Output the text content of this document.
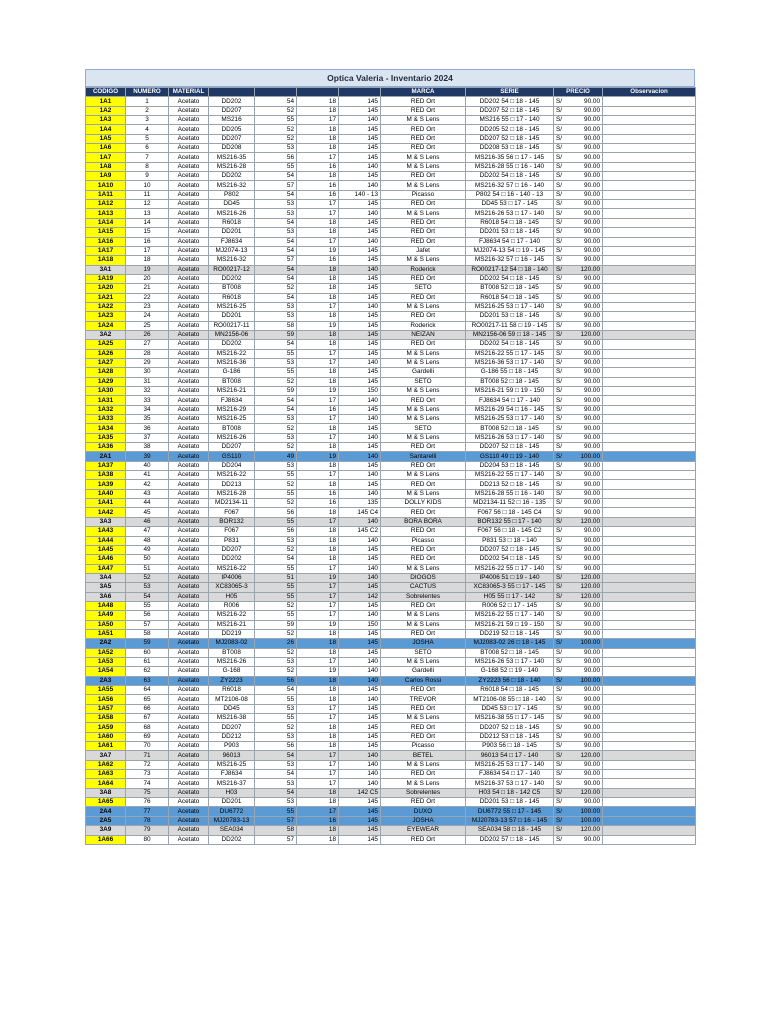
Optica Valeria - Inventario 2024
CODIGO	NUMERO	MATERIAL					MARCA	SERIE	PRECIO		Observacion
1A1	1	Acetato	DD202	54	18	145	RED Ort	DD202 54 □ 18 - 145	S/	90.00	
1A2	2	Acetato	DD207	52	18	145	RED Ort	DD207 52 □ 18 - 145	S/	90.00	
1A3	3	Acetato	MS216	55	17	140	M & S Lens	MS216 55 □ 17 - 140	S/	90.00	
1A4	4	Acetato	DD205	52	18	145	RED Ort	DD205 52 □ 18 - 145	S/	90.00	
1A5	5	Acetato	DD207	52	18	145	RED Ort	DD207 52 □ 18 - 145	S/	90.00	
1A6	6	Acetato	DD208	53	18	145	RED Ort	DD208 53 □ 18 - 145	S/	90.00	
1A7	7	Acetato	MS216-35	56	17	145	M & S Lens	MS216-35 56 □ 17 - 145	S/	90.00	
1A8	8	Acetato	MS216-28	55	16	140	M & S Lens	MS216-28 55 □ 16 - 140	S/	90.00	
1A9	9	Acetato	DD202	54	18	145	RED Ort	DD202 54 □ 18 - 145	S/	90.00	
1A10	10	Acetato	MS216-32	57	16	140	M & S Lens	MS216-32 57 □ 16 - 140	S/	90.00	
1A11	11	Acetato	P802	54	16	140 - 13	Picasso	P802 54 □ 16 - 140 - 13	S/	90.00	
1A12	12	Acetato	DD45	53	17	145	RED Ort	DD45 53 □ 17 - 145	S/	90.00	
1A13	13	Acetato	MS216-26	53	17	140	M & S Lens	MS216-26 53 □ 17 - 140	S/	90.00	
1A14	14	Acetato	R6018	54	18	145	RED Ort	R6018 54 □ 18 - 145	S/	90.00	
1A15	15	Acetato	DD201	53	18	145	RED Ort	DD201 53 □ 18 - 145	S/	90.00	
1A16	16	Acetato	FJ8634	54	17	140	RED Ort	FJ8634 54 □ 17 - 140	S/	90.00	
1A17	17	Acetato	MJ2074-13	54	19	145	Jafet	MJ2074-13 54 □ 19 - 145	S/	90.00	
1A18	18	Acetato	MS216-32	57	16	145	M & S Lens	MS216-32 57 □ 16 - 145	S/	90.00	
3A1	19	Acetato	RO00217-12	54	18	140	Roderick	RO00217-12 54 □ 18 - 140	S/	120.00	
1A19	20	Acetato	DD202	54	18	145	RED Ort	DD202 54 □ 18 - 145	S/	90.00	
1A20	21	Acetato	BT008	52	18	145	SETO	BT008 52 □ 18 - 145	S/	90.00	
1A21	22	Acetato	R6018	54	18	145	RED Ort	R6018 54 □ 18 - 145	S/	90.00	
1A22	23	Acetato	MS216-25	53	17	140	M & S Lens	MS216-25 53 □ 17 - 140	S/	90.00	
1A23	24	Acetato	DD201	53	18	145	RED Ort	DD201 53 □ 18 - 145	S/	90.00	
1A24	25	Acetato	RO00217-11	58	19	145	Roderick	RO00217-11 58 □ 19 - 145	S/	90.00	
3A2	26	Acetato	MN2156-06	59	18	145	NEIZAN	MN2156-06 59 □ 18 - 145	S/	120.00	
1A25	27	Acetato	DD202	54	18	145	RED Ort	DD202 54 □ 18 - 145	S/	90.00	
1A26	28	Acetato	MS216-22	55	17	145	M & S Lens	MS216-22 55 □ 17 - 145	S/	90.00	
1A27	29	Acetato	MS216-36	53	17	140	M & S Lens	MS216-36 53 □ 17 - 140	S/	90.00	
1A28	30	Acetato	G-186	55	18	145	Gardelli	G-186 55 □ 18 - 145	S/	90.00	
1A29	31	Acetato	BT008	52	18	145	SETO	BT008 52 □ 18 - 145	S/	90.00	
1A30	32	Acetato	MS216-21	59	19	150	M & S Lens	MS216-21 59 □ 19 - 150	S/	90.00	
1A31	33	Acetato	FJ8634	54	17	140	RED Ort	FJ8634 54 □ 17 - 140	S/	90.00	
1A32	34	Acetato	MS216-29	54	16	145	M & S Lens	MS216-29 54 □ 16 - 145	S/	90.00	
1A33	35	Acetato	MS216-25	53	17	140	M & S Lens	MS216-25 53 □ 17 - 140	S/	90.00	
1A34	36	Acetato	BT008	52	18	145	SETO	BT008 52 □ 18 - 145	S/	90.00	
1A35	37	Acetato	MS216-26	53	17	140	M & S Lens	MS216-26 53 □ 17 - 140	S/	90.00	
1A36	38	Acetato	DD207	52	18	145	RED Ort	DD207 52 □ 18 - 145	S/	90.00	
2A1	39	Acetato	GS110	49	19	140	Santarelli	GS110 49 □ 19 - 140	S/	100.00	
1A37	40	Acetato	DD204	53	18	145	RED Ort	DD204 53 □ 18 - 145	S/	90.00	
1A38	41	Acetato	MS216-22	55	17	140	M & S Lens	MS216-22 55 □ 17 - 140	S/	90.00	
1A39	42	Acetato	DD213	52	18	145	RED Ort	DD213 52 □ 18 - 145	S/	90.00	
1A40	43	Acetato	MS216-28	55	16	140	M & S Lens	MS216-28 55 □ 16 - 140	S/	90.00	
1A41	44	Acetato	MD2134-11	52	16	135	DOLLY KIDS	MD2134-11 52 □ 16 - 135	S/	90.00	
1A42	45	Acetato	F067	56	18	145 C4	RED Ort	F067 56 □ 18 - 145 C4	S/	90.00	
3A3	46	Acetato	BOR132	55	17	140	BORA BORA	BOR132 55 □ 17 - 140	S/	120.00	
1A43	47	Acetato	F067	56	18	145 C2	RED Ort	F067 56 □ 18 - 145 C2	S/	90.00	
1A44	48	Acetato	P831	53	18	140	Picasso	P831 53 □ 18 - 140	S/	90.00	
1A45	49	Acetato	DD207	52	18	145	RED Ort	DD207 52 □ 18 - 145	S/	90.00	
1A46	50	Acetato	DD202	54	18	145	RED Ort	DD202 54 □ 18 - 145	S/	90.00	
1A47	51	Acetato	MS216-22	55	17	140	M & S Lens	MS216-22 55 □ 17 - 140	S/	90.00	
3A4	52	Acetato	IP4006	51	19	140	DIOGOS	IP4006 51 □ 19 - 140	S/	120.00	
3A5	53	Acetato	XC83065-3	55	17	145	CACTUS	XC83065-3 55 □ 17 - 145	S/	120.00	
3A6	54	Acetato	H05	55	17	142	Sobrelentes	H05 55 □ 17 - 142	S/	120.00	
1A48	55	Acetato	R006	52	17	145	RED Ort	R006 52 □ 17 - 145	S/	90.00	
1A49	56	Acetato	MS216-22	55	17	140	M & S Lens	MS216-22 55 □ 17 - 140	S/	90.00	
1A50	57	Acetato	MS216-21	59	19	150	M & S Lens	MS216-21 59 □ 19 - 150	S/	90.00	
1A51	58	Acetato	DD219	52	18	145	RED Ort	DD219 52 □ 18 - 145	S/	90.00	
2A2	59	Acetato	MJ2083-02	26	18	145	JOSHA	MJ2083-02 26 □ 18 - 145	S/	100.00	
1A52	60	Acetato	BT008	52	18	145	SETO	BT008 52 □ 18 - 145	S/	90.00	
1A53	61	Acetato	MS216-26	53	17	140	M & S Lens	MS216-26 53 □ 17 - 140	S/	90.00	
1A54	62	Acetato	G-168	52	19	140	Gardelli	G-168 52 □ 19 - 140	S/	90.00	
2A3	63	Acetato	ZY2223	56	18	140	Carlos Rossi	ZY2223 56 □ 18 - 140	S/	100.00	
1A55	64	Acetato	R6018	54	18	145	RED Ort	R6018 54 □ 18 - 145	S/	90.00	
1A56	65	Acetato	MT2106-08	55	18	140	TREVOR	MT2106-08 55 □ 18 - 140	S/	90.00	
1A57	66	Acetato	DD45	53	17	145	RED Ort	DD45 53 □ 17 - 145	S/	90.00	
1A58	67	Acetato	MS216-38	55	17	145	M & S Lens	MS216-38 55 □ 17 - 145	S/	90.00	
1A59	68	Acetato	DD207	52	18	145	RED Ort	DD207 52 □ 18 - 145	S/	90.00	
1A60	69	Acetato	DD212	53	18	145	RED Ort	DD212 53 □ 18 - 145	S/	90.00	
1A61	70	Acetato	P903	56	18	145	Picasso	P903 56 □ 18 - 145	S/	90.00	
3A7	71	Acetato	96013	54	17	140	BETEL	96013 54 □ 17 - 140	S/	120.00	
1A62	72	Acetato	MS216-25	53	17	140	M & S Lens	MS216-25 53 □ 17 - 140	S/	90.00	
1A63	73	Acetato	FJ8634	54	17	140	RED Ort	FJ8634 54 □ 17 - 140	S/	90.00	
1A64	74	Acetato	MS216-37	53	17	140	M & S Lens	MS216-37 53 □ 17 - 140	S/	90.00	
3A8	75	Acetato	H03	54	18	142 C5	Sobrelentes	H03 54 □ 18 - 142 C5	S/	120.00	
1A65	76	Acetato	DD201	53	18	145	RED Ort	DD201 53 □ 18 - 145	S/	90.00	
2A4	77	Acetato	DU6772	55	17	145	DUXO	DU6772 55 □ 17 - 145	S/	100.00	
2A5	78	Acetato	MJ20783-13	57	16	145	JOSHA	MJ20783-13 57 □ 16 - 145	S/	100.00	
3A9	79	Acetato	SEA034	58	18	145	EYEWEAR	SEA034 58 □ 18 - 145	S/	120.00	
1A66	80	Acetato	DD202	57	18	145	RED Ort	DD202 57 □ 18 - 145	S/	90.00	
